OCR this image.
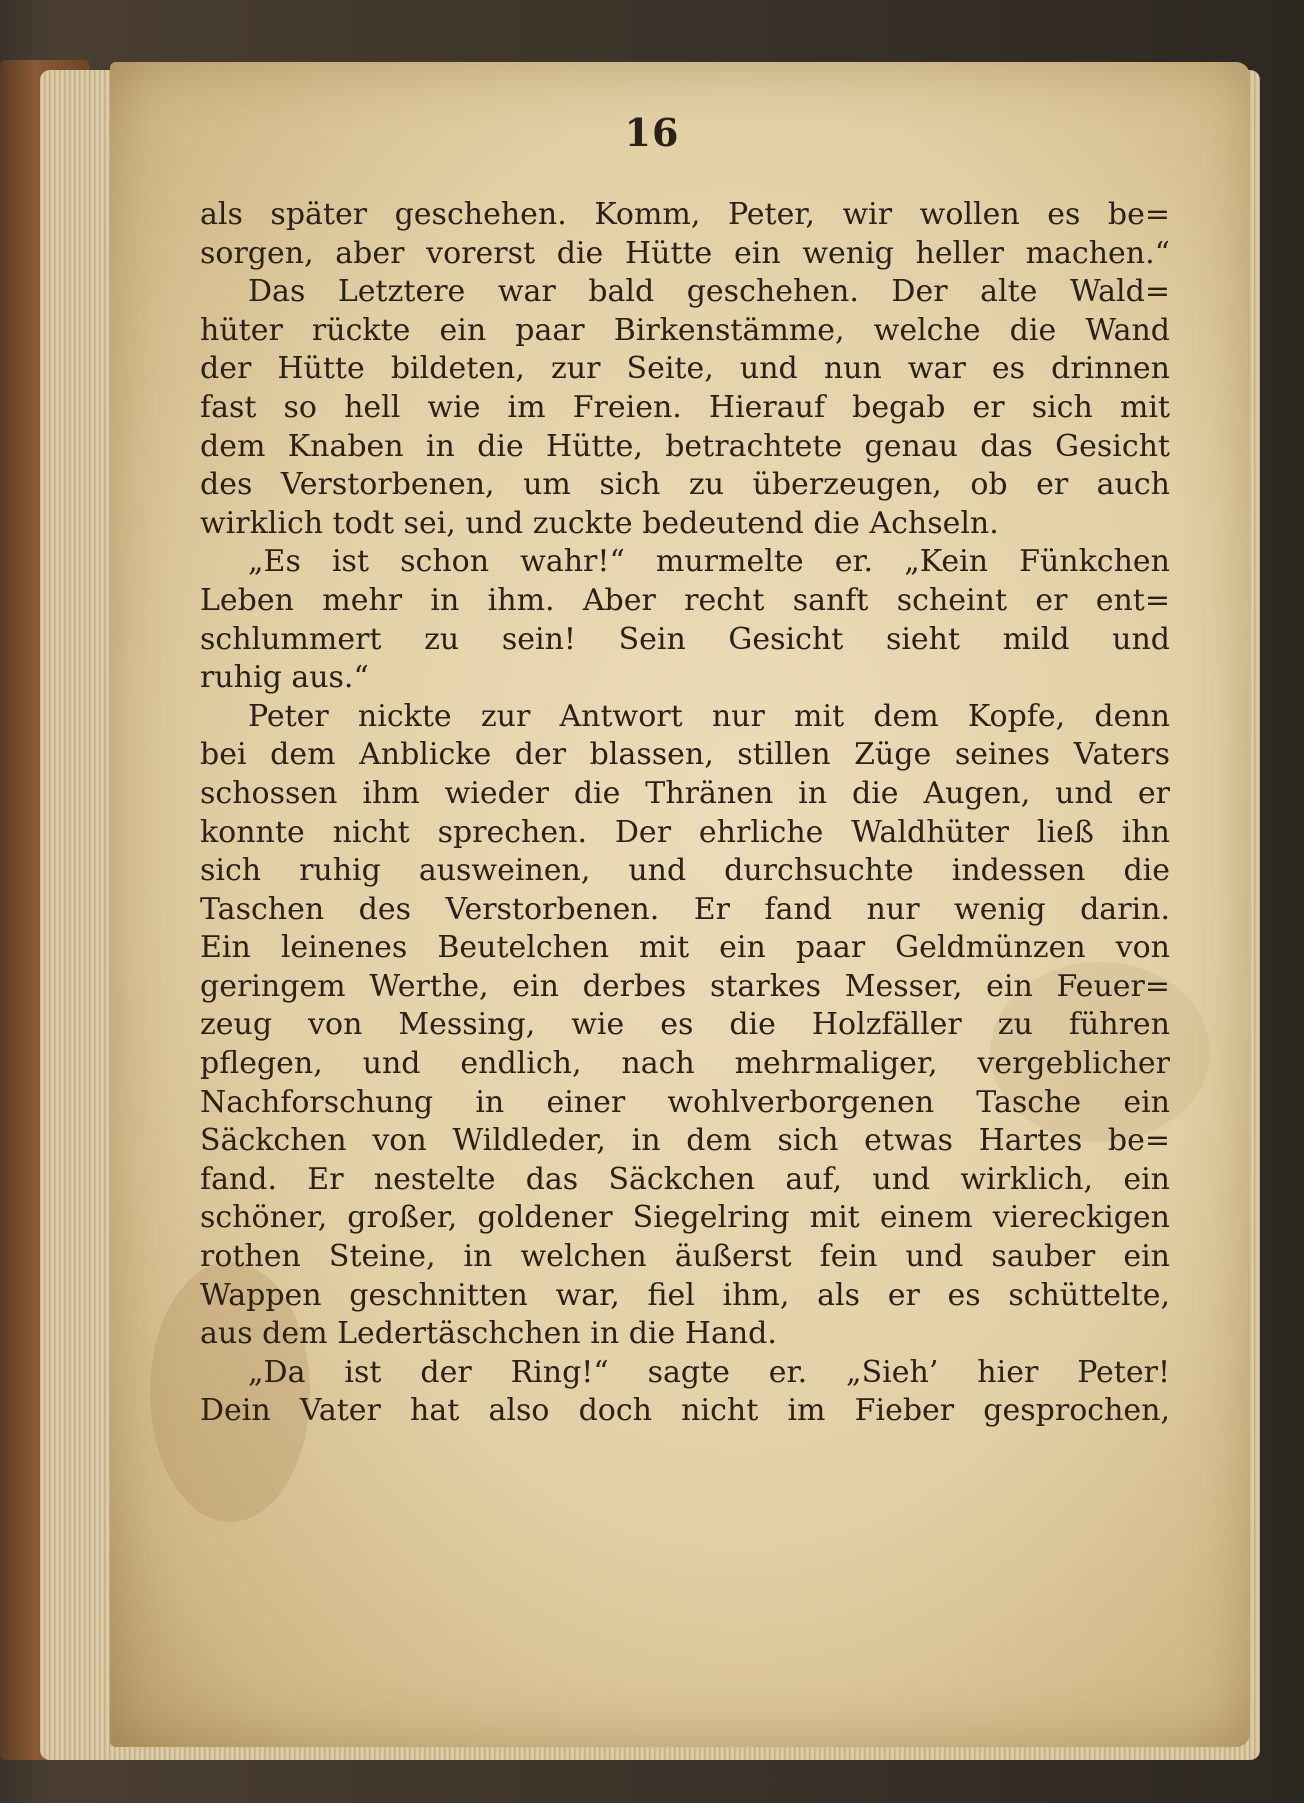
16
als später geschehen. Komm, Peter, wir wollen es be=
sorgen, aber vorerst die Hütte ein wenig heller machen.“
Das Letztere war bald geschehen. Der alte Wald=
hüter rückte ein paar Birkenstämme, welche die Wand
der Hütte bildeten, zur Seite, und nun war es drinnen
fast so hell wie im Freien. Hierauf begab er sich mit
dem Knaben in die Hütte, betrachtete genau das Gesicht
des Verstorbenen, um sich zu überzeugen, ob er auch
wirklich todt sei, und zuckte bedeutend die Achseln.
„Es ist schon wahr!“ murmelte er. „Kein Fünkchen
Leben mehr in ihm. Aber recht sanft scheint er ent=
schlummert zu sein! Sein Gesicht sieht mild und
ruhig aus.“
Peter nickte zur Antwort nur mit dem Kopfe, denn
bei dem Anblicke der blassen, stillen Züge seines Vaters
schossen ihm wieder die Thränen in die Augen, und er
konnte nicht sprechen. Der ehrliche Waldhüter ließ ihn
sich ruhig ausweinen, und durchsuchte indessen die
Taschen des Verstorbenen. Er fand nur wenig darin.
Ein leinenes Beutelchen mit ein paar Geldmünzen von
geringem Werthe, ein derbes starkes Messer, ein Feuer=
zeug von Messing, wie es die Holzfäller zu führen
pflegen, und endlich, nach mehrmaliger, vergeblicher
Nachforschung in einer wohlverborgenen Tasche ein
Säckchen von Wildleder, in dem sich etwas Hartes be=
fand. Er nestelte das Säckchen auf, und wirklich, ein
schöner, großer, goldener Siegelring mit einem viereckigen
rothen Steine, in welchen äußerst fein und sauber ein
Wappen geschnitten war, fiel ihm, als er es schüttelte,
aus dem Ledertäschchen in die Hand.
„Da ist der Ring!“ sagte er. „Sieh’ hier Peter!
Dein Vater hat also doch nicht im Fieber gesprochen,
